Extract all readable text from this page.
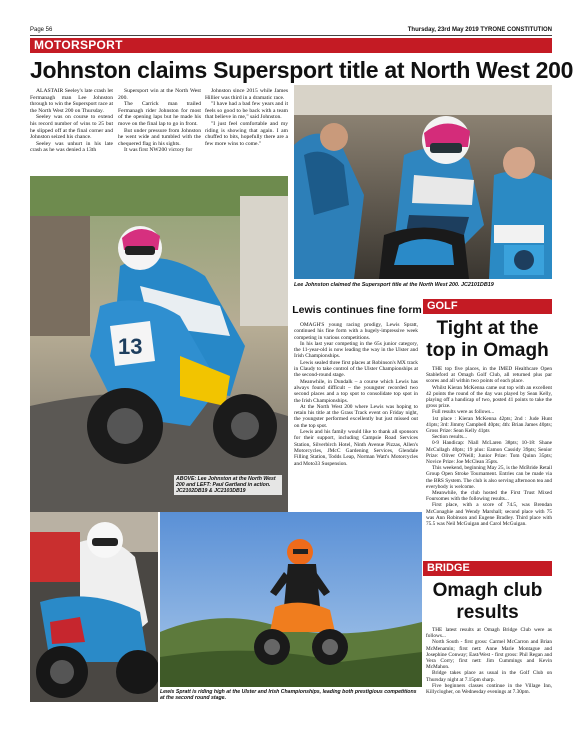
Page 56	Thursday, 23rd May 2019 TYRONE CONSTITUTION
MOTORSPORT
Johnston claims Supersport title at North West 200

ALASTAIR Seeley's late crash let Fermanagh man Lee Johnston through to win the Supersport race at the North West 200 on Thursday.

Seeley was on course to extend his record number of wins to 25 but he slipped off at the final corner and Johnston seized his chance.

Seeley was unhurt in his late crash as he was denied a 13th

Supersport win at the North West 200.

The Carrick man trailed Fermanagh rider Johnston for most of the opening laps but he made his move on the final lap to go in front.

But under pressure from Johnston he went wide and tumbled with the chequered flag in his sights.

It was first NW200 victory for

Johnston since 2015 while James Hillier was third in a dramatic race.

"I have had a bad few years and it feels so good to be back with a team that believe in me," said Johnston.

"I just feel comfortable and my riding is showing that again. I am chuffed to bits, hopefully there are a few more wins to come."

Lee Johnston claimed the Supersport title at the North West 200. JC2101DB19
13
ABOVE: Lee Johnston at the North West 200 and LEFT: Paul Gartland in action. JC2102DB19 & JC2103DB19
Lewis continues fine form

OMAGH'S young racing prodigy, Lewis Spratt, continued his fine form with a hugely-impressive week competing in various competitions.

In his last year competing in the 65s junior category, the 11-year-old is now leading the way in the Ulster and Irish Championships.

Lewis sealed three first places at Robinson's MX track in Claudy to take control of the Ulster Championships at the second-round stage.

Meanwhile, in Dundalk – a course which Lewis has always found difficult – the youngster recorded two second places and a top spot to consolidate top spot in the Irish Championships.

At the North West 200 where Lewis was hoping to retain his title at the Grass Track event on Friday night, the youngster performed excellently but just missed out on the top spot.

Lewis and his family would like to thank all sponsors for their support, including Campsie Road Services Station, Silverbirch Hotel, Ninth Avenue Pizzas, Allen's Motorcycles, JMcC Gardening Services, Glendale Filling Station, Todds Leap, Norman Watt's Motorcycles and Moto33 Suspension.

Lewis Spratt is riding high at the Ulster and Irish Championships, leading both prestigious competitions at the second round stage.
GOLF
Tight at the top in Omagh

THE top five places, in the IMED Healthcare Open Stableford at Omagh Golf Club, all returned plus par scores and all within two points of each place.

Whilst Kieran McKenna came out top with an excellent 42 points the round of the day was played by Sean Kelly, playing off a handicap of two, posted 41 points to take the gross prize.

Full results were as follows...

1st place : Kieran McKenna 42pts; 2nd : Jude Hunt 41pts; 3rd: Jimmy Campbell 40pts; 4th: Brian James 40pts; Gross Prize: Sean Kelly 41pts

Section results...

0-9 Handicap: Niall McLaren 38pts; 10-18: Shane McCullagh 40pts; 19 plus: Eamon Cassidy 39pts; Senior Prize: Oliver O'Neill; Junior Prize: Tom Quinn 35pts; Novice Prize: Joe McClean 35pts.

This weekend, beginning May 25, is the McBride Retail Group Open Stroke Tournament. Entries can be made via the BRS System. The club is also serving afternoon tea and everybody is welcome.

Meanwhile, the club hosted the First Trust Mixed Foursomes with the following results...

First place, with a score of 74.5, was Brendan McConaghie and Wendy Marshall; second place with 75 was Ann Robinson and Eugene Bradley. Third place with 75.5 was Neil McGuigan and Carol McGuigan.

BRIDGE
Omagh club results

THE latest results at Omagh Bridge Club were as follows...

North South - first gross: Carmel McCarron and Brian McMenamin; first nett: Anne Marie Montague and Josephine Conway; East/West - first gross: Phil Regan and Vera Corry; first nett: Jim Cummings and Kevin McMahon.

Bridge takes place as usual in the Golf Club on Thursday night at 7.15pm sharp.

Five beginners classes continue in the Village Inn, Killyclogher, on Wednesday evenings at 7.30pm.
